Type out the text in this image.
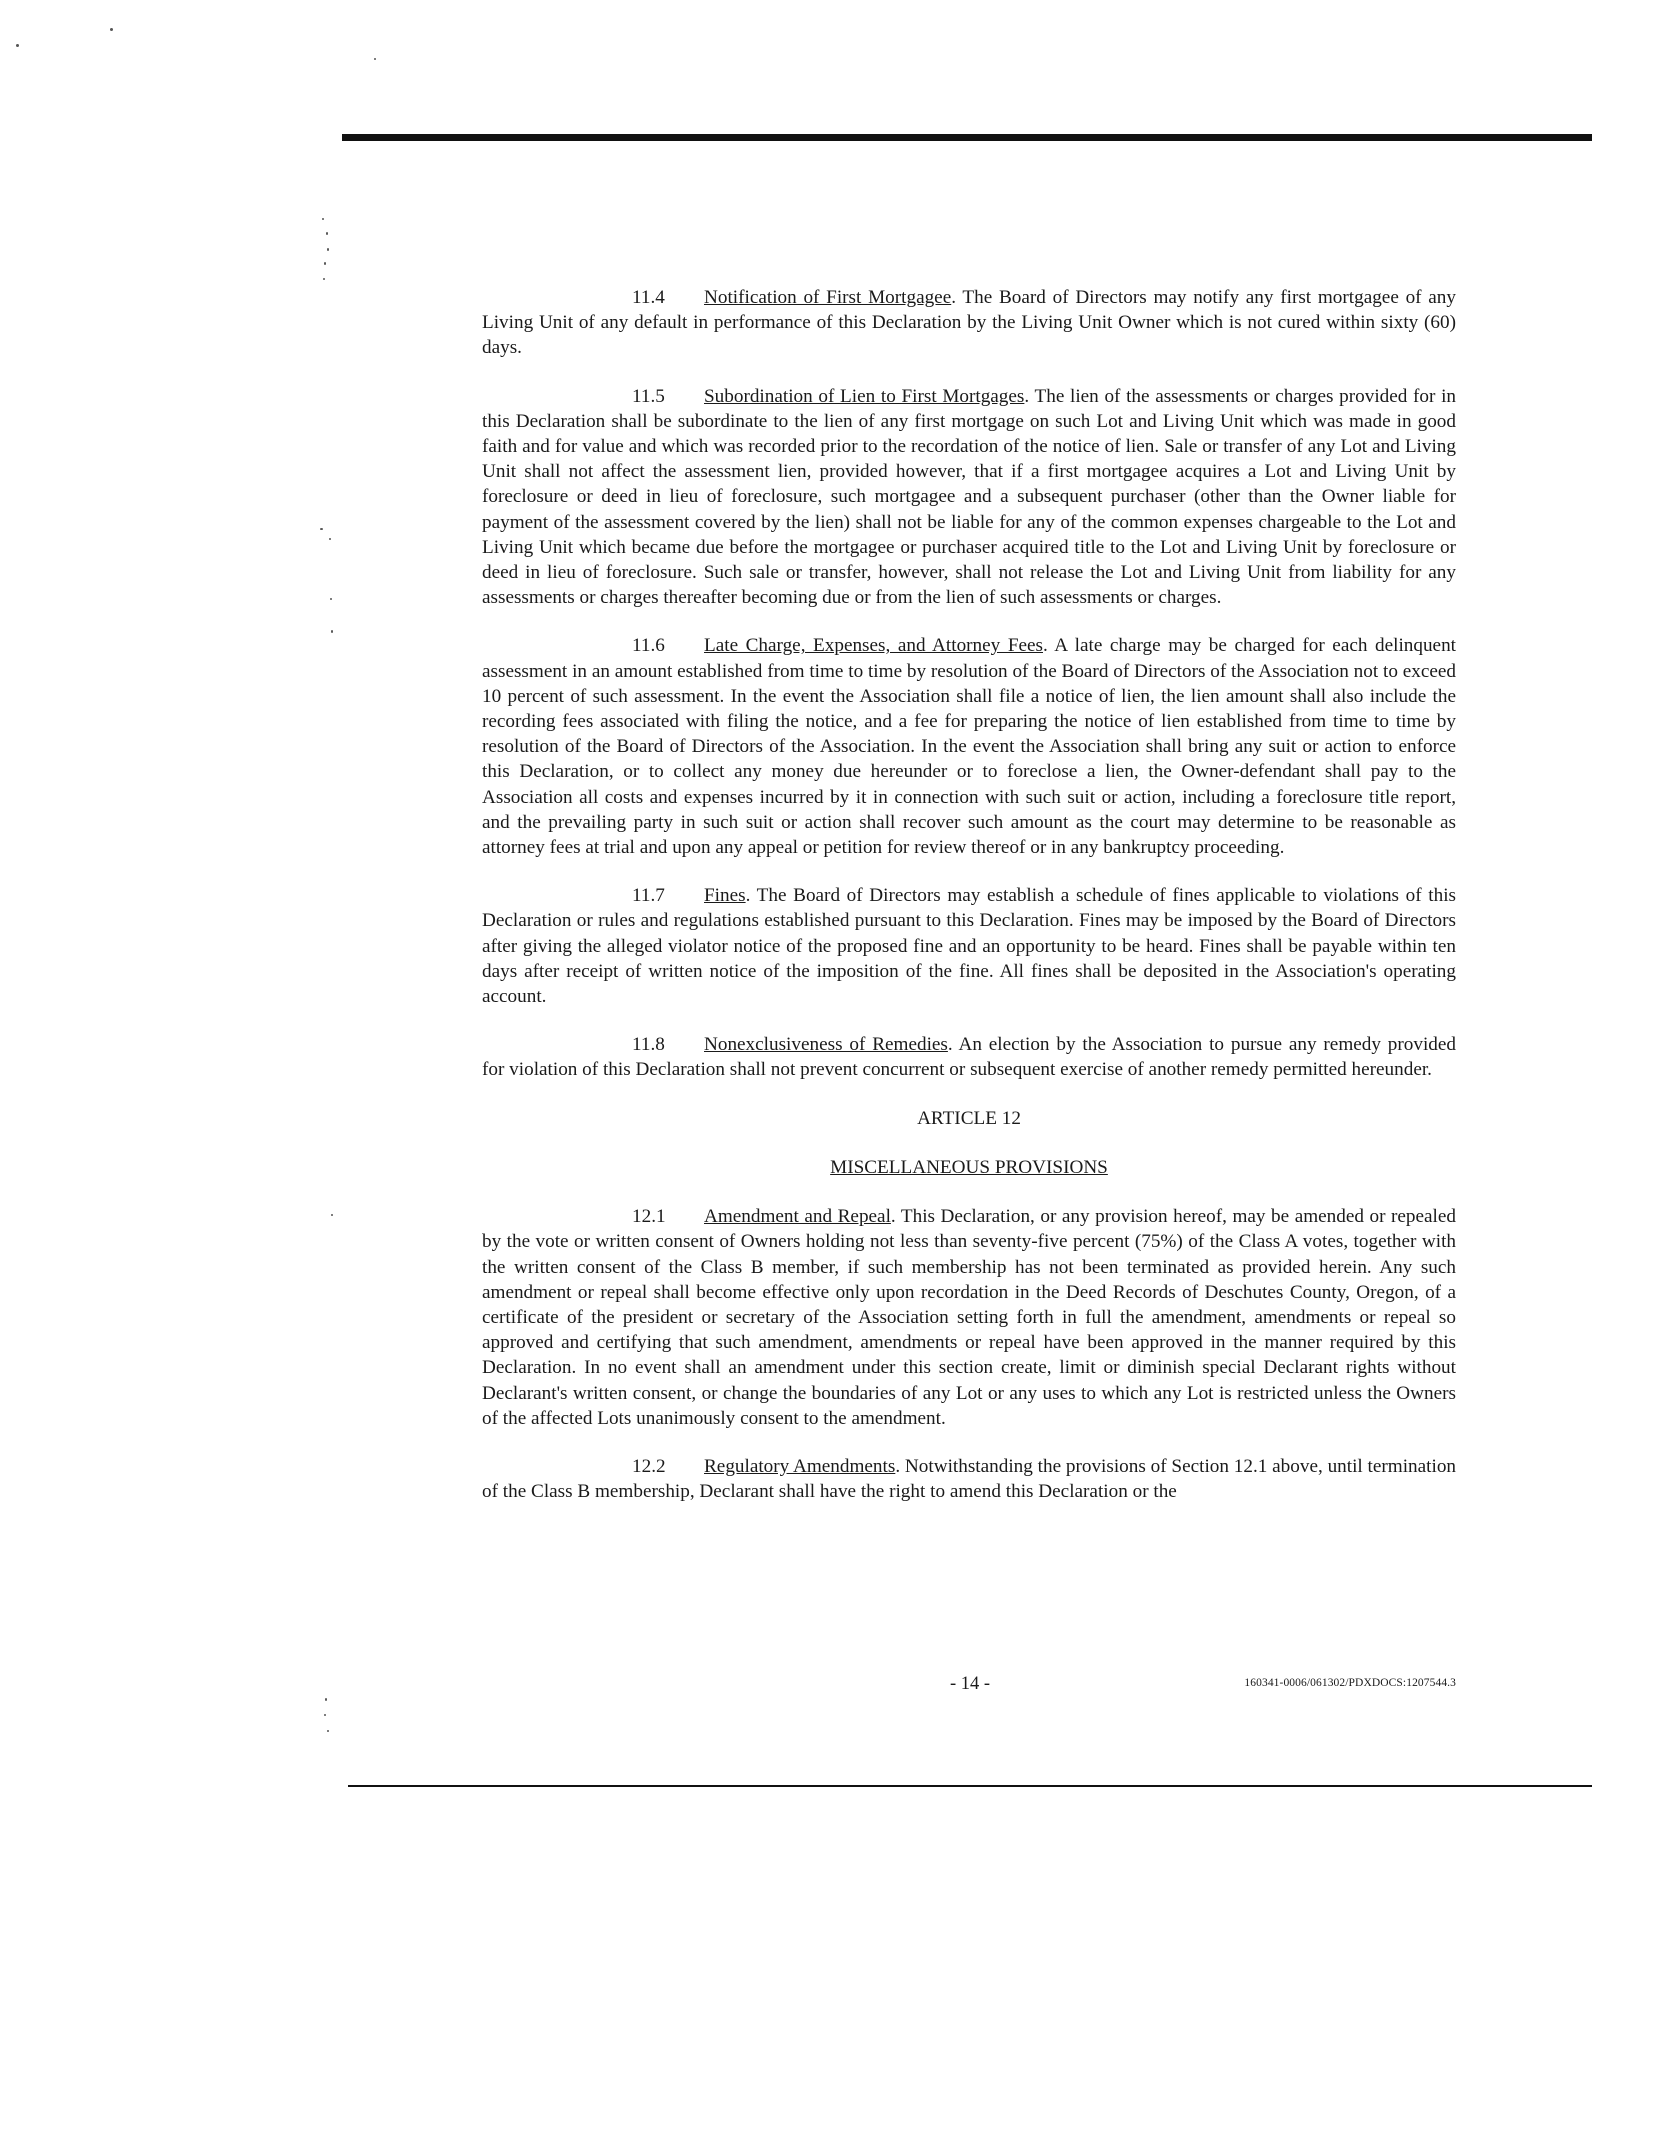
11.4 Notification of First Mortgagee. The Board of Directors may notify any first mortgagee of any Living Unit of any default in performance of this Declaration by the Living Unit Owner which is not cured within sixty (60) days.

11.5 Subordination of Lien to First Mortgages. The lien of the assessments or charges provided for in this Declaration shall be subordinate to the lien of any first mortgage on such Lot and Living Unit which was made in good faith and for value and which was recorded prior to the recordation of the notice of lien. Sale or transfer of any Lot and Living Unit shall not affect the assessment lien, provided however, that if a first mortgagee acquires a Lot and Living Unit by foreclosure or deed in lieu of foreclosure, such mortgagee and a subsequent purchaser (other than the Owner liable for payment of the assessment covered by the lien) shall not be liable for any of the common expenses chargeable to the Lot and Living Unit which became due before the mortgagee or purchaser acquired title to the Lot and Living Unit by foreclosure or deed in lieu of foreclosure. Such sale or transfer, however, shall not release the Lot and Living Unit from liability for any assessments or charges thereafter becoming due or from the lien of such assessments or charges.

11.6 Late Charge, Expenses, and Attorney Fees. A late charge may be charged for each delinquent assessment in an amount established from time to time by resolution of the Board of Directors of the Association not to exceed 10 percent of such assessment. In the event the Association shall file a notice of lien, the lien amount shall also include the recording fees associated with filing the notice, and a fee for preparing the notice of lien established from time to time by resolution of the Board of Directors of the Association. In the event the Association shall bring any suit or action to enforce this Declaration, or to collect any money due hereunder or to foreclose a lien, the Owner-defendant shall pay to the Association all costs and expenses incurred by it in connection with such suit or action, including a foreclosure title report, and the prevailing party in such suit or action shall recover such amount as the court may determine to be reasonable as attorney fees at trial and upon any appeal or petition for review thereof or in any bankruptcy proceeding.

11.7 Fines. The Board of Directors may establish a schedule of fines applicable to violations of this Declaration or rules and regulations established pursuant to this Declaration. Fines may be imposed by the Board of Directors after giving the alleged violator notice of the proposed fine and an opportunity to be heard. Fines shall be payable within ten days after receipt of written notice of the imposition of the fine. All fines shall be deposited in the Association's operating account.

11.8 Nonexclusiveness of Remedies. An election by the Association to pursue any remedy provided for violation of this Declaration shall not prevent concurrent or subsequent exercise of another remedy permitted hereunder.

ARTICLE 12

MISCELLANEOUS PROVISIONS

12.1 Amendment and Repeal. This Declaration, or any provision hereof, may be amended or repealed by the vote or written consent of Owners holding not less than seventy-five percent (75%) of the Class A votes, together with the written consent of the Class B member, if such membership has not been terminated as provided herein. Any such amendment or repeal shall become effective only upon recordation in the Deed Records of Deschutes County, Oregon, of a certificate of the president or secretary of the Association setting forth in full the amendment, amendments or repeal so approved and certifying that such amendment, amendments or repeal have been approved in the manner required by this Declaration. In no event shall an amendment under this section create, limit or diminish special Declarant rights without Declarant's written consent, or change the boundaries of any Lot or any uses to which any Lot is restricted unless the Owners of the affected Lots unanimously consent to the amendment.

12.2 Regulatory Amendments. Notwithstanding the provisions of Section 12.1 above, until termination of the Class B membership, Declarant shall have the right to amend this Declaration or the

- 14 -	160341-0006/061302/PDXDOCS:1207544.3
